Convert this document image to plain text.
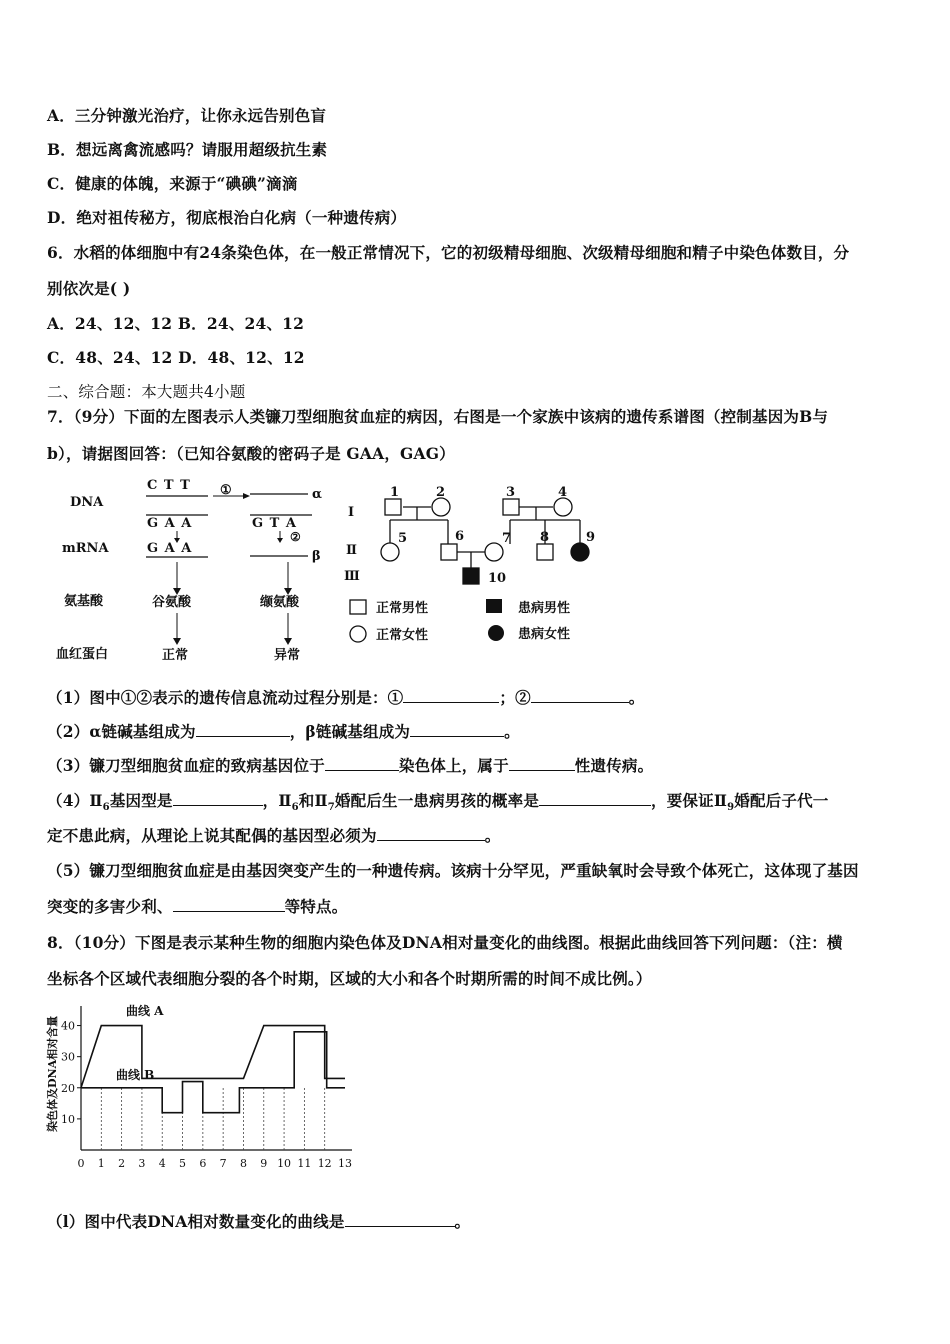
A．三分钟激光治疗，让你永远告别色盲
B．想远离禽流感吗？请服用超级抗生素
C．健康的体魄，来源于“碘碘”滴滴
D．绝对祖传秘方，彻底根治白化病（一种遗传病）
6．水稻的体细胞中有24条染色体，在一般正常情况下，它的初级精母细胞、次级精母细胞和精子中染色体数目，分
别依次是( )
A．24、12、12 B．24、24、12
C．48、24、12 D．48、12、12
二、综合题：本大题共4小题
7．（9分）下面的左图表示人类镰刀型细胞贫血症的病因，右图是一个家族中该病的遗传系谱图（控制基因为B与
b），请据图回答：（已知谷氨酸的密码子是 GAA，GAG）
DNA
mRNA
氨基酸
血红蛋白
C T T
G A A
G A A
谷氨酸
正常
①	α
G T A
②
β
缬氨酸
异常
Ⅰ
Ⅱ
Ⅲ
1	2	3	4
5	6	7 8	9
10
正常男性	患病男性
正常女性	患病女性
（1）图中①②表示的遗传信息流动过程分别是：①	；②	。
（2）α链碱基组成为	，β链碱基组成为	。
（3）镰刀型细胞贫血症的致病基因位于	染色体上，属于	性遗传病。
$(4)Ⅱ_6$基因型是	，$Ⅱ_6$和$Ⅱ_7$婚配后生一患病男孩的概率是	，要保证$Ⅱ_9$婚配后子代一
定不患此病，从理论上说其配偶的基因型必须为	。
（5）镰刀型细胞贫血症是由基因突变产生的一种遗传病。该病十分罕见，严重缺氧时会导致个体死亡，这体现了基因
突变的多害少利、	等特点。
8．（10分）下图是表示某种生物的细胞内染色体及DNA相对量变化的曲线图。根据此曲线回答下列问题：（注：横
坐标各个区域代表细胞分裂的各个时期，区域的大小和各个时期所需的时间不成比例。）
染色体及DNA相对含量 10
20
30
40
0 1 2 3 4 5 6 7 8 9 10 11 12 13
曲线 A
曲线 B
（l）图中代表DNA相对数量变化的曲线是	。
